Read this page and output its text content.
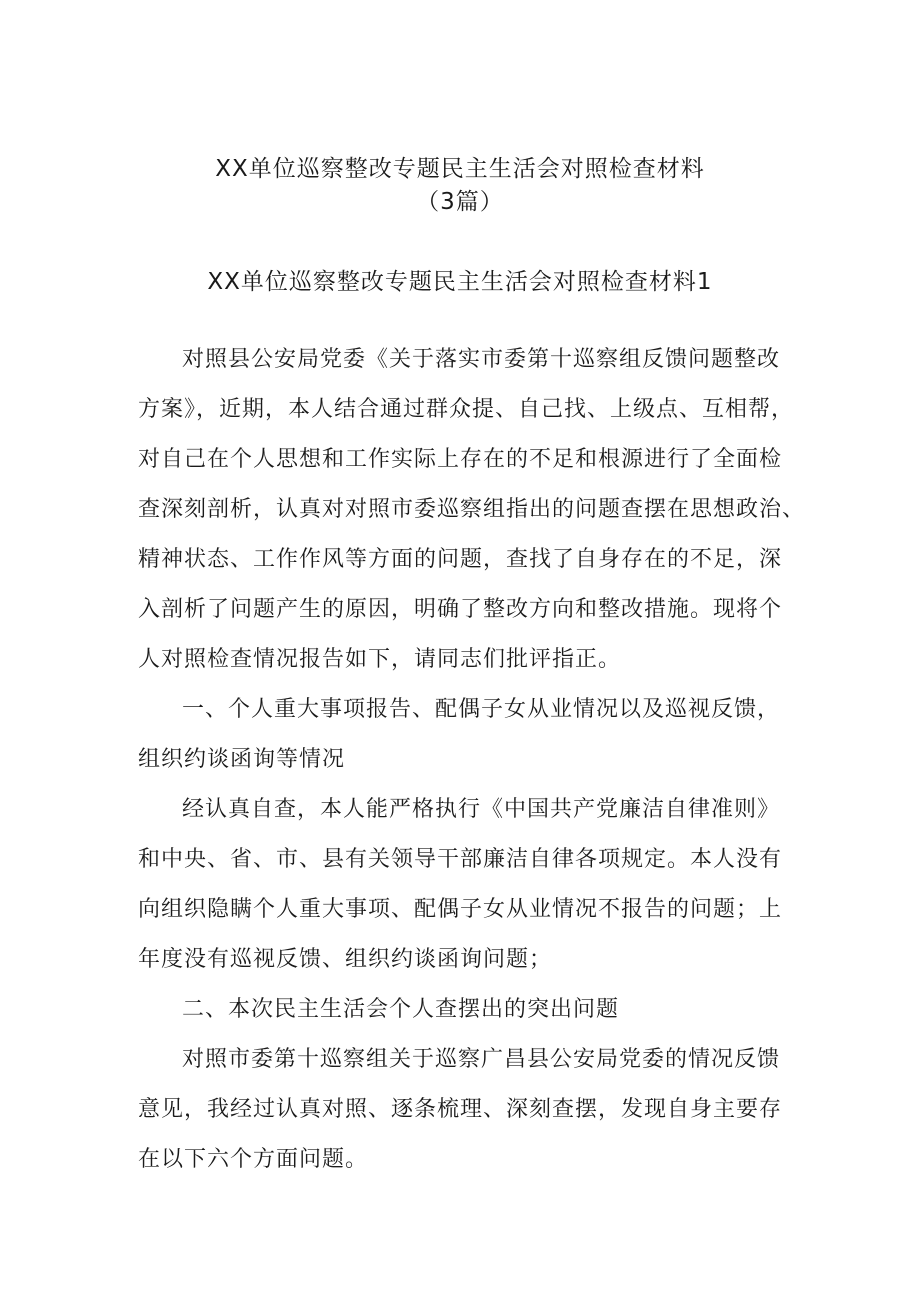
XX单位巡察整改专题民主生活会对照检查材料
（3篇）
XX单位巡察整改专题民主生活会对照检查材料1
对照县公安局党委《关于落实市委第十巡察组反馈问题整改
方案》，近期，本人结合通过群众提、自己找、上级点、互相帮，
对自己在个人思想和工作实际上存在的不足和根源进行了全面检
查深刻剖析，认真对对照市委巡察组指出的问题查摆在思想政治、
精神状态、工作作风等方面的问题，查找了自身存在的不足，深
入剖析了问题产生的原因，明确了整改方向和整改措施。现将个
人对照检查情况报告如下，请同志们批评指正。
一、个人重大事项报告、配偶子女从业情况以及巡视反馈，
组织约谈函询等情况
经认真自查，本人能严格执行《中国共产党廉洁自律准则》
和中央、省、市、县有关领导干部廉洁自律各项规定。本人没有
向组织隐瞒个人重大事项、配偶子女从业情况不报告的问题；上
年度没有巡视反馈、组织约谈函询问题；
二、本次民主生活会个人查摆出的突出问题
对照市委第十巡察组关于巡察广昌县公安局党委的情况反馈
意见，我经过认真对照、逐条梳理、深刻查摆，发现自身主要存
在以下六个方面问题。
